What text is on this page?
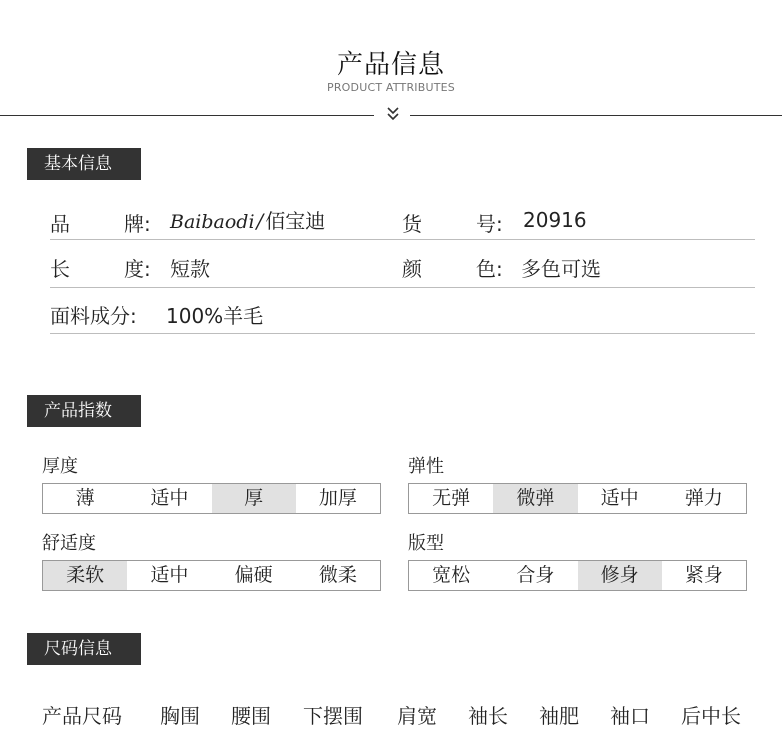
产品信息
PRODUCT ATTRIBUTES
基本信息
品	牌: Baibaodi / 佰宝迪	货	号: 20916
长	度: 短款	颜	色: 多色可选
面料成分: 100%羊毛
产品指数
厚度
薄	适中	厚	加厚
弹性
无弹	微弹	适中	弹力
舒适度
柔软	适中	偏硬	微柔
版型
宽松	合身	修身	紧身
尺码信息
产品尺码 胸围 腰围 下摆围 肩宽 袖长 袖肥 袖口 后中长
